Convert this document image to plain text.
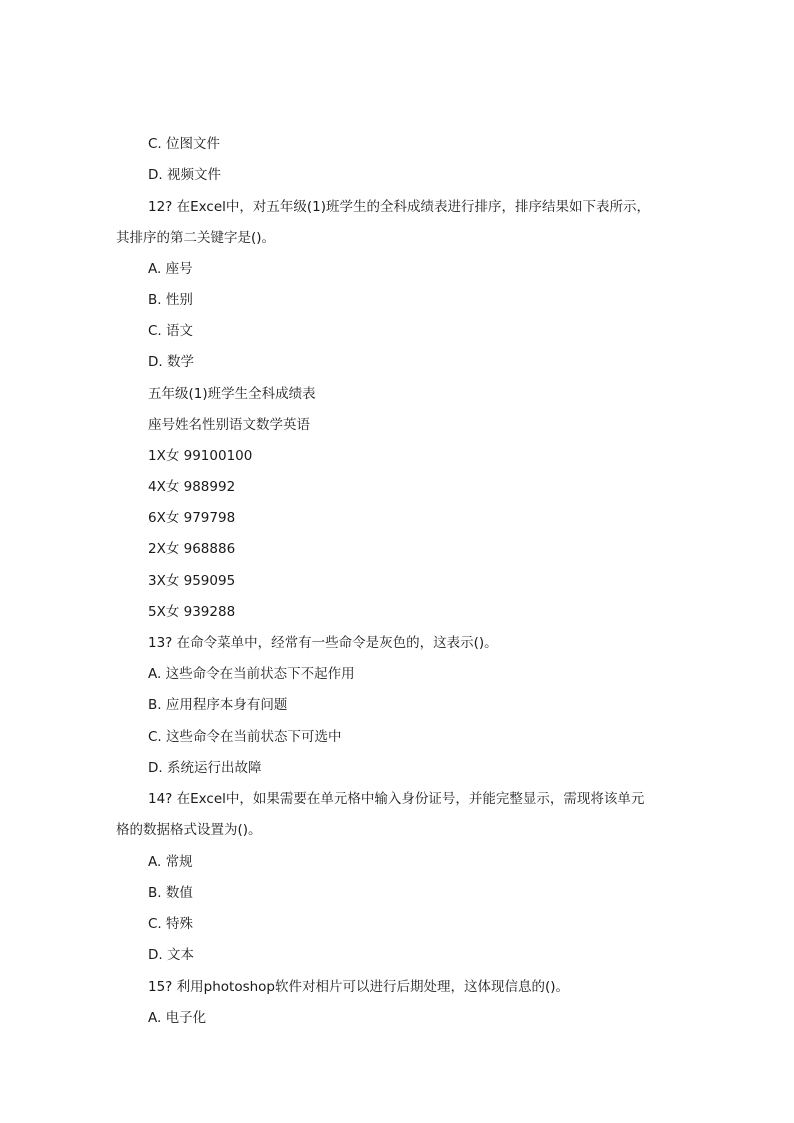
C. 位图文件
D. 视频文件
12? 在Excel中，对五年级(1)班学生的全科成绩表进行排序，排序结果如下表所示，
其排序的第二关键字是()。
A. 座号
B. 性别
C. 语文
D. 数学
五年级(1)班学生全科成绩表
座号姓名性别语文数学英语
1X女 99100100
4X女 988992
6X女 979798
2X女 968886
3X女 959095
5X女 939288
13? 在命令菜单中，经常有一些命令是灰色的，这表示()。
A. 这些命令在当前状态下不起作用
B. 应用程序本身有问题
C. 这些命令在当前状态下可选中
D. 系统运行出故障
14? 在Excel中，如果需要在单元格中输入身份证号，并能完整显示，需现将该单元
格的数据格式设置为()。
A. 常规
B. 数值
C. 特殊
D. 文本
15? 利用photoshop软件对相片可以进行后期处理，这体现信息的()。
A. 电子化
